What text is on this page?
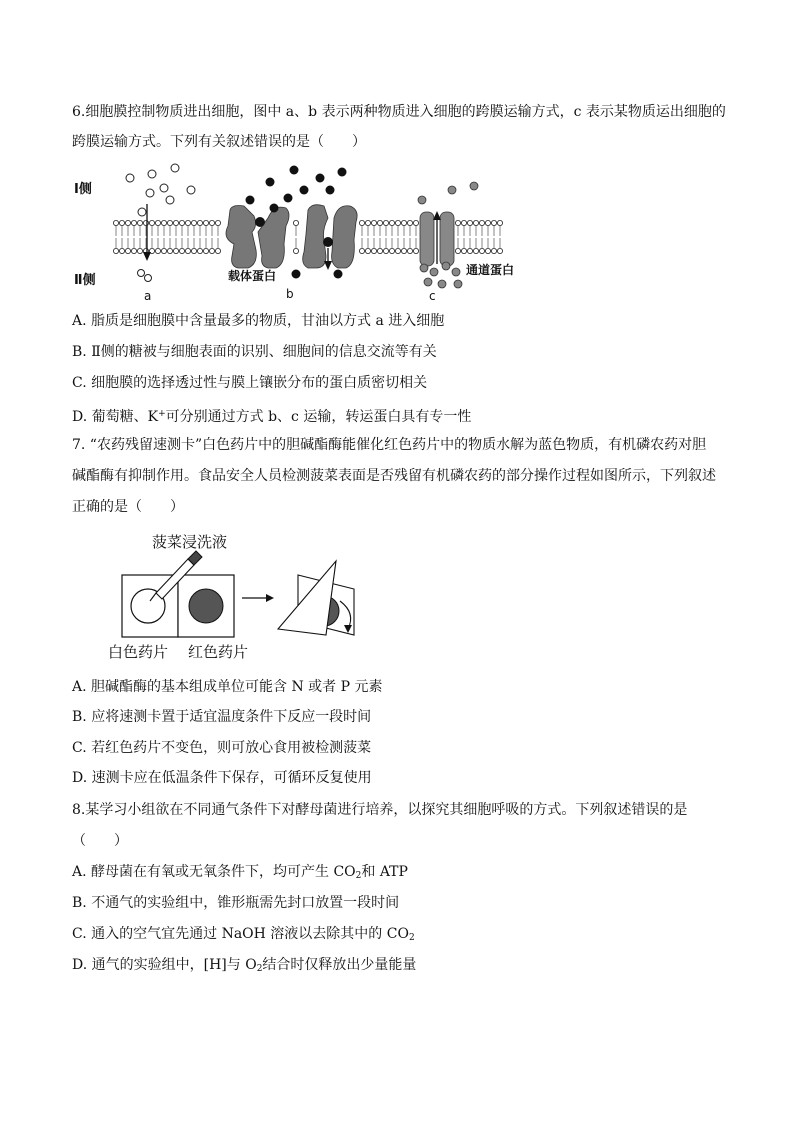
6.细胞膜控制物质进出细胞，图中 a、b 表示两种物质进入细胞的跨膜运输方式，c 表示某物质运出细胞的
跨膜运输方式。下列有关叙述错误的是（　　）
Ⅰ侧
Ⅱ侧
a
载体蛋白
b
通道蛋白
c
A. 脂质是细胞膜中含量最多的物质，甘油以方式 a 进入细胞
B. Ⅱ侧的糖被与细胞表面的识别、细胞间的信息交流等有关
C. 细胞膜的选择透过性与膜上镶嵌分布的蛋白质密切相关
D. 葡萄糖、K+可分别通过方式 b、c 运输，转运蛋白具有专一性
7. “农药残留速测卡”白色药片中的胆碱酯酶能催化红色药片中的物质水解为蓝色物质，有机磷农药对胆
碱酯酶有抑制作用。食品安全人员检测菠菜表面是否残留有机磷农药的部分操作过程如图所示，下列叙述
正确的是（　　）
菠菜浸洗液
白色药片 红色药片
A. 胆碱酯酶的基本组成单位可能含 N 或者 P 元素
B. 应将速测卡置于适宜温度条件下反应一段时间
C. 若红色药片不变色，则可放心食用被检测菠菜
D. 速测卡应在低温条件下保存，可循环反复使用
8.某学习小组欲在不同通气条件下对酵母菌进行培养，以探究其细胞呼吸的方式。下列叙述错误的是
（　　）
A. 酵母菌在有氧或无氧条件下，均可产生 $CO_2$和 ATP
B. 不通气的实验组中，锥形瓶需先封口放置一段时间
C. 通入的空气宜先通过 NaOH 溶液以去除其中的 $CO_2$
D. 通气的实验组中，[H]与 $O_2$结合时仅释放出少量能量
